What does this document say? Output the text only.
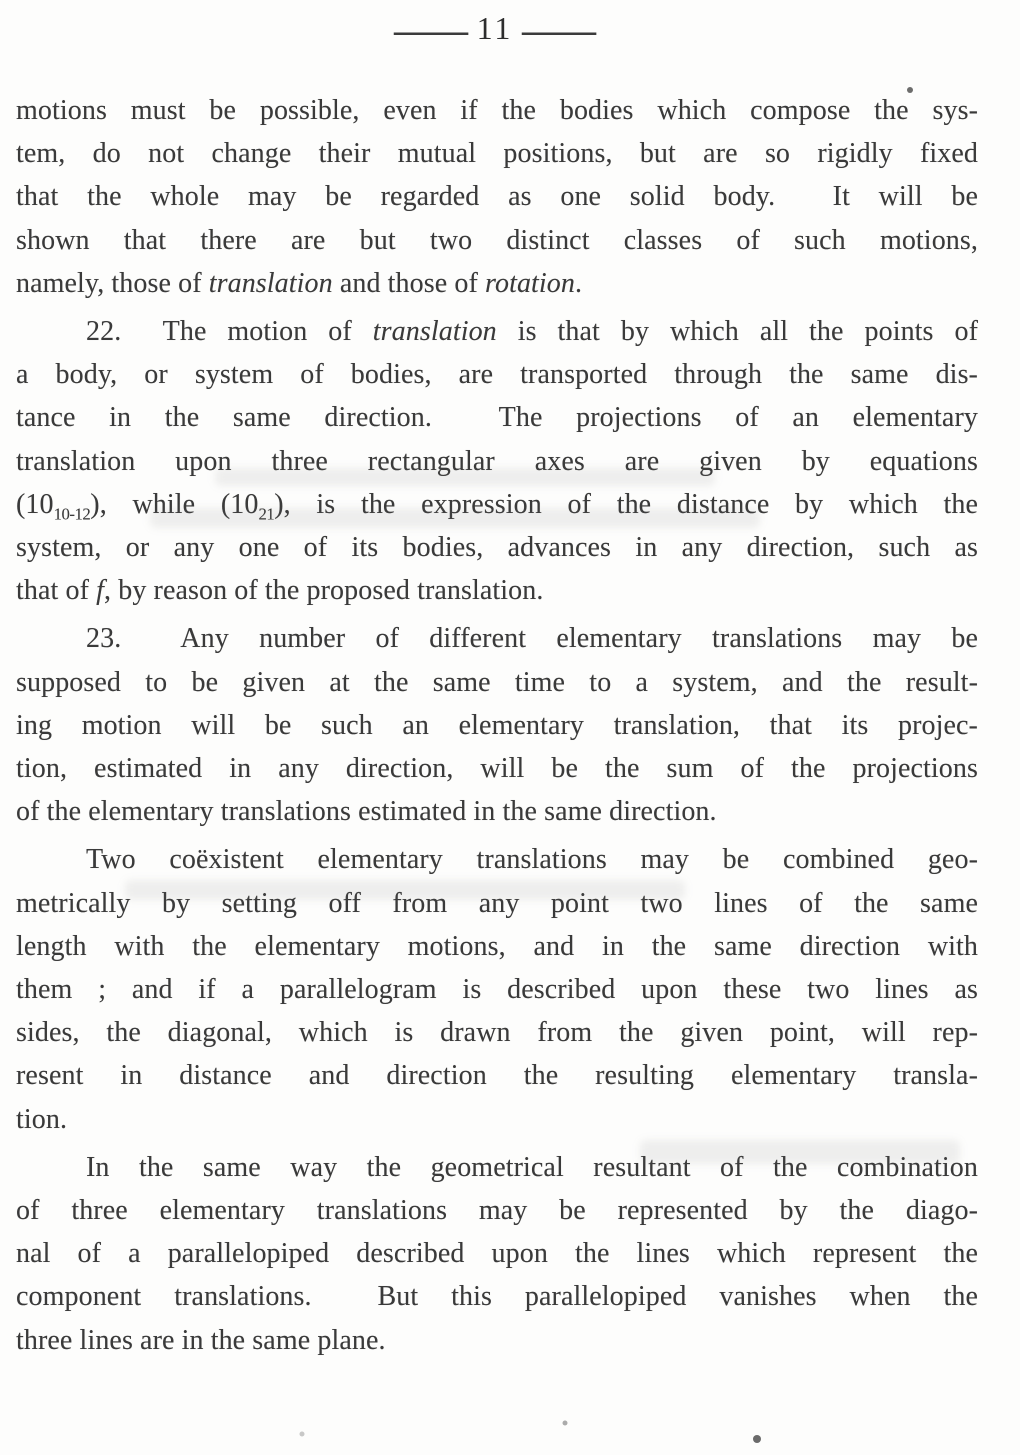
— 11 —
motions must be possible, even if the bodies which compose the sys-
tem, do not change their mutual positions, but are so rigidly fixed
that the whole may be regarded as one solid body.  It will be
shown that there are but two distinct classes of such motions,
namely, those of translation and those of rotation.
22.  The motion of translation is that by which all the points of
a body, or system of bodies, are transported through the same dis-
tance in the same direction.  The projections of an elementary
translation upon three rectangular axes are given by equations
$(10_{10-12})$, while $(10_{21})$, is the expression of the distance by which the
system, or any one of its bodies, advances in any direction, such as
that of f, by reason of the proposed translation.
23.  Any number of different elementary translations may be
supposed to be given at the same time to a system, and the result-
ing motion will be such an elementary translation, that its projec-
tion, estimated in any direction, will be the sum of the projections
of the elementary translations estimated in the same direction.
Two coëxistent elementary translations may be combined geo-
metrically by setting off from any point two lines of the same
length with the elementary motions, and in the same direction with
them ; and if a parallelogram is described upon these two lines as
sides, the diagonal, which is drawn from the given point, will rep-
resent in distance and direction the resulting elementary transla-
tion.
In the same way the geometrical resultant of the combination
of three elementary translations may be represented by the diago-
nal of a parallelopiped described upon the lines which represent the
component translations.  But this parallelopiped vanishes when the
three lines are in the same plane.
